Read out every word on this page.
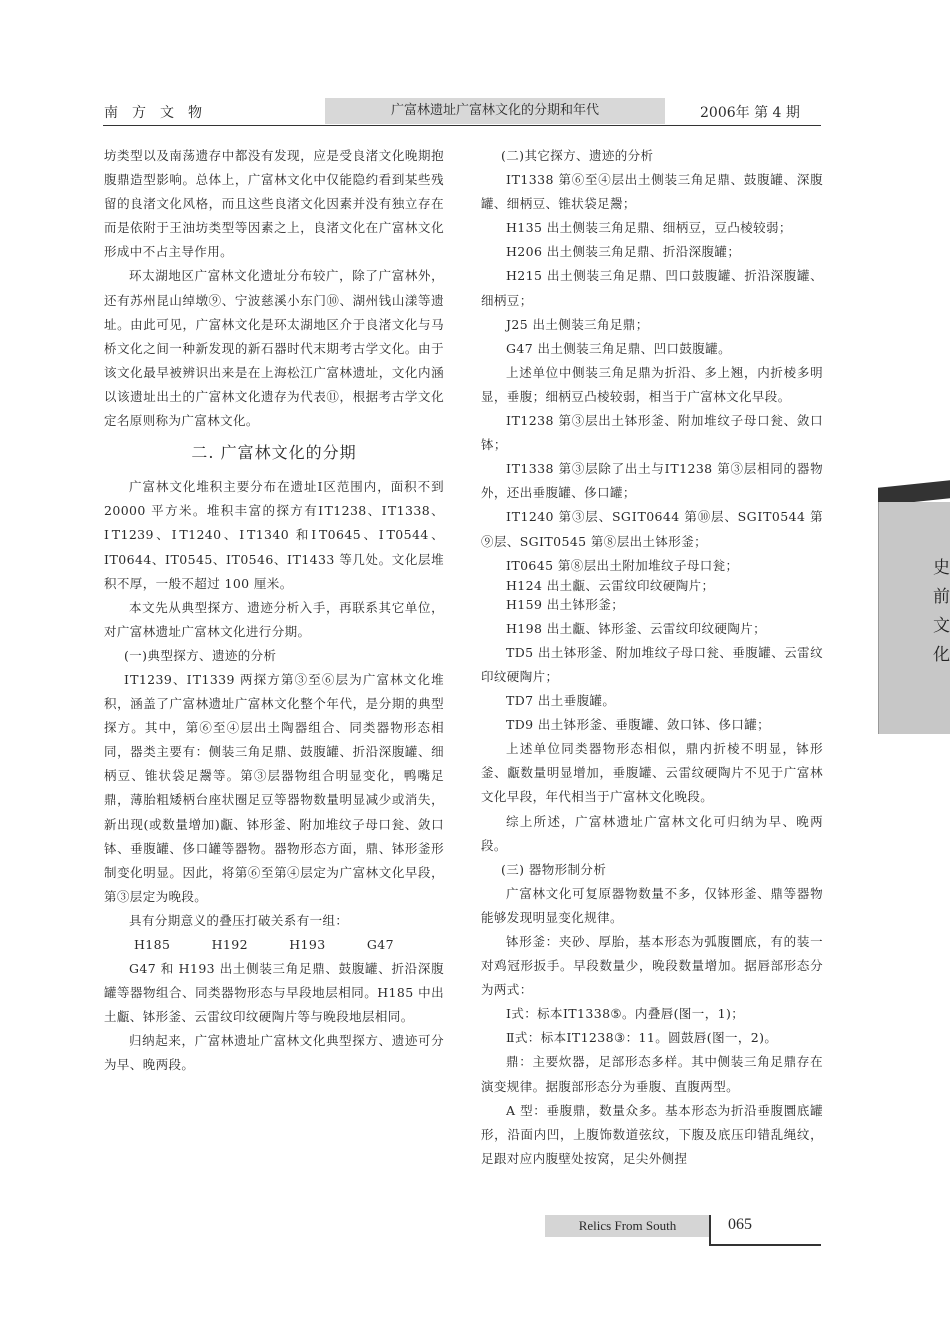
南方文物	广富林遗址广富林文化的分期和年代	2006年 第 4 期

坊类型以及南荡遗存中都没有发现，应是受良渚文化晚期抱腹鼎造型影响。总体上，广富林文化中仅能隐约看到某些残留的良渚文化风格，而且这些良渚文化因素并没有独立存在而是依附于王油坊类型等因素之上，良渚文化在广富林文化形成中不占主导作用。

环太湖地区广富林文化遗址分布较广，除了广富林外，还有苏州昆山绰墩⑨、宁波慈溪小东门⑩、湖州钱山漾等遗址。由此可见，广富林文化是环太湖地区介于良渚文化与马桥文化之间一种新发现的新石器时代末期考古学文化。由于该文化最早被辨识出来是在上海松江广富林遗址，文化内涵以该遗址出土的广富林文化遗存为代表⑪，根据考古学文化定名原则称为广富林文化。

二. 广富林文化的分期

广富林文化堆积主要分布在遗址Ⅰ区范围内，面积不到 20000 平方米。堆积丰富的探方有ⅠT1238、ⅠT1338、ⅠT1239、ⅠT1240、ⅠT1340 和ⅠT0645、ⅠT0544、ⅠT0644、ⅠT0545、ⅠT0546、ⅠT1433 等几处。文化层堆积不厚，一般不超过 100 厘米。

本文先从典型探方、遗迹分析入手，再联系其它单位，对广富林遗址广富林文化进行分期。

(一)典型探方、遗迹的分析

ⅠT1239、ⅠT1339 两探方第③至⑥层为广富林文化堆积，涵盖了广富林遗址广富林文化整个年代，是分期的典型探方。其中，第⑥至④层出土陶器组合、同类器物形态相同，器类主要有：侧装三角足鼎、鼓腹罐、折沿深腹罐、细柄豆、锥状袋足鬶等。第③层器物组合明显变化，鸭嘴足鼎，薄胎粗矮柄台座状圈足豆等器物数量明显减少或消失，新出现(或数量增加)甗、钵形釜、附加堆纹子母口瓮、敛口钵、垂腹罐、侈口罐等器物。器物形态方面，鼎、钵形釜形制变化明显。因此，将第⑥至第④层定为广富林文化早段，第③层定为晚段。

具有分期意义的叠压打破关系有一组：

H185	H192	H193	G47

G47 和 H193 出土侧装三角足鼎、鼓腹罐、折沿深腹罐等器物组合、同类器物形态与早段地层相同。H185 中出土甗、钵形釜、云雷纹印纹硬陶片等与晚段地层相同。

归纳起来，广富林遗址广富林文化典型探方、遗迹可分为早、晚两段。

(二)其它探方、遗迹的分析

ⅠT1338 第⑥至④层出土侧装三角足鼎、鼓腹罐、深腹罐、细柄豆、锥状袋足鬶；

H135 出土侧装三角足鼎、细柄豆，豆凸棱较弱；

H206 出土侧装三角足鼎、折沿深腹罐；

H215 出土侧装三角足鼎、凹口鼓腹罐、折沿深腹罐、细柄豆；

J25 出土侧装三角足鼎；

G47 出土侧装三角足鼎、凹口鼓腹罐。

上述单位中侧装三角足鼎为折沿、多上翘，内折棱多明显，垂腹；细柄豆凸棱较弱，相当于广富林文化早段。

ⅠT1238 第③层出土钵形釜、附加堆纹子母口瓮、敛口钵；

ⅠT1338 第③层除了出土与ⅠT1238 第③层相同的器物外，还出垂腹罐、侈口罐；

ⅠT1240 第③层、SGⅠT0644 第⑩层、SGⅠT0544 第⑨层、SGⅠT0545 第⑧层出土钵形釜；

ⅠT0645 第⑧层出土附加堆纹子母口瓮；

H124 出土甗、云雷纹印纹硬陶片；

H159 出土钵形釜；

H198 出土甗、钵形釜、云雷纹印纹硬陶片；

TD5 出土钵形釜、附加堆纹子母口瓮、垂腹罐、云雷纹印纹硬陶片；

TD7 出土垂腹罐。

TD9 出土钵形釜、垂腹罐、敛口钵、侈口罐；

上述单位同类器物形态相似，鼎内折棱不明显，钵形釜、甗数量明显增加，垂腹罐、云雷纹硬陶片不见于广富林文化早段，年代相当于广富林文化晚段。

综上所述，广富林遗址广富林文化可归纳为早、晚两段。

(三) 器物形制分析

广富林文化可复原器物数量不多，仅钵形釜、鼎等器物能够发现明显变化规律。

钵形釜：夹砂、厚胎，基本形态为弧腹圜底，有的装一对鸡冠形扳手。早段数量少，晚段数量增加。据唇部形态分为两式：

Ⅰ式：标本ⅠT1338⑤。内叠唇(图一，1)；

Ⅱ式：标本ⅠT1238③：11。圆鼓唇(图一，2)。

鼎：主要炊器，足部形态多样。其中侧装三角足鼎存在演变规律。据腹部形态分为垂腹、直腹两型。

A 型：垂腹鼎，数量众多。基本形态为折沿垂腹圜底罐形，沿面内凹，上腹饰数道弦纹，下腹及底压印错乱绳纹，足跟对应内腹壁处按窝，足尖外侧捏

史前文化
Relics From South	065
